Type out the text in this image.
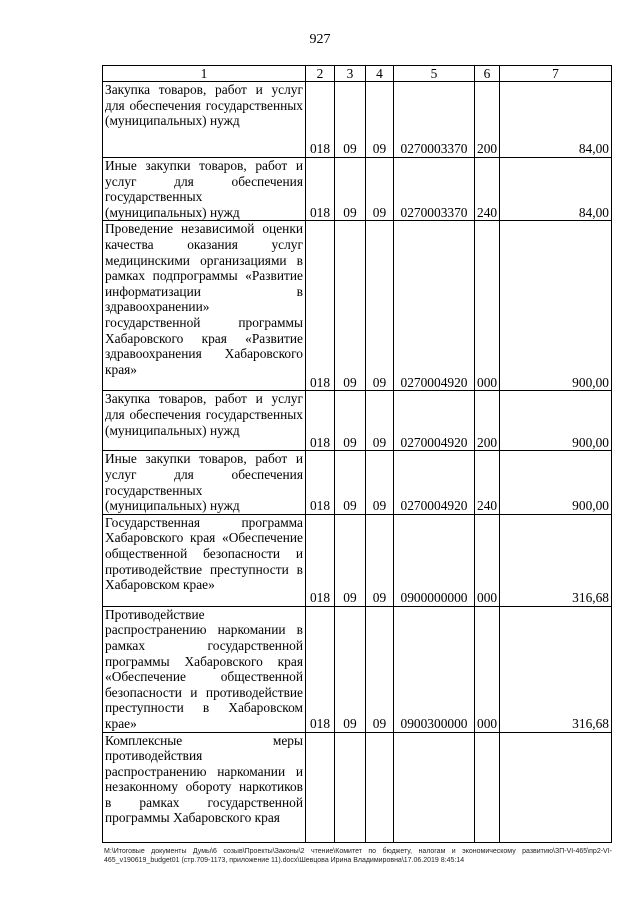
927
1	2	3	4	5	6	7
Закупка товаров, работ и услуг для обеспечения государственных (муниципальных) нужд	018	09	09	0270003370	200	84,00
Иные закупки товаров, работ и услуг для обеспечения государственных (муниципальных) нужд	018	09	09	0270003370	240	84,00
Проведение независимой оценки качества оказания услуг медицинскими организациями в рамках подпрограммы «Развитие информатизации в здравоохранении» государственной программы Хабаровского края «Развитие здравоохранения Хабаровского края»	018	09	09	0270004920	000	900,00
Закупка товаров, работ и услуг для обеспечения государственных (муниципальных) нужд	018	09	09	0270004920	200	900,00
Иные закупки товаров, работ и услуг для обеспечения государственных (муниципальных) нужд	018	09	09	0270004920	240	900,00
Государственная программа Хабаровского края «Обеспечение общественной безопасности и противодействие преступности в Хабаровском крае»	018	09	09	0900000000	000	316,68
Противодействие распространению наркомании в рамках государственной программы Хабаровского края «Обеспечение общественной безопасности и противодействие преступности в Хабаровском крае»	018	09	09	0900300000	000	316,68
Комплексные меры противодействия распространению наркомании и незаконному обороту наркотиков в рамках государственной программы Хабаровского края						
M:\Итоговые документы Думы\6 созыв\Проекты\Законы\2 чтение\Комитет по бюджету, налогам и экономическому развитию\ЗП-VI-465\пр2-VI-465_v190619_budget01 (стр.709-1173, приложение 11).docx\Шевцова Ирина Владимировна\17.06.2019 8:45:14
